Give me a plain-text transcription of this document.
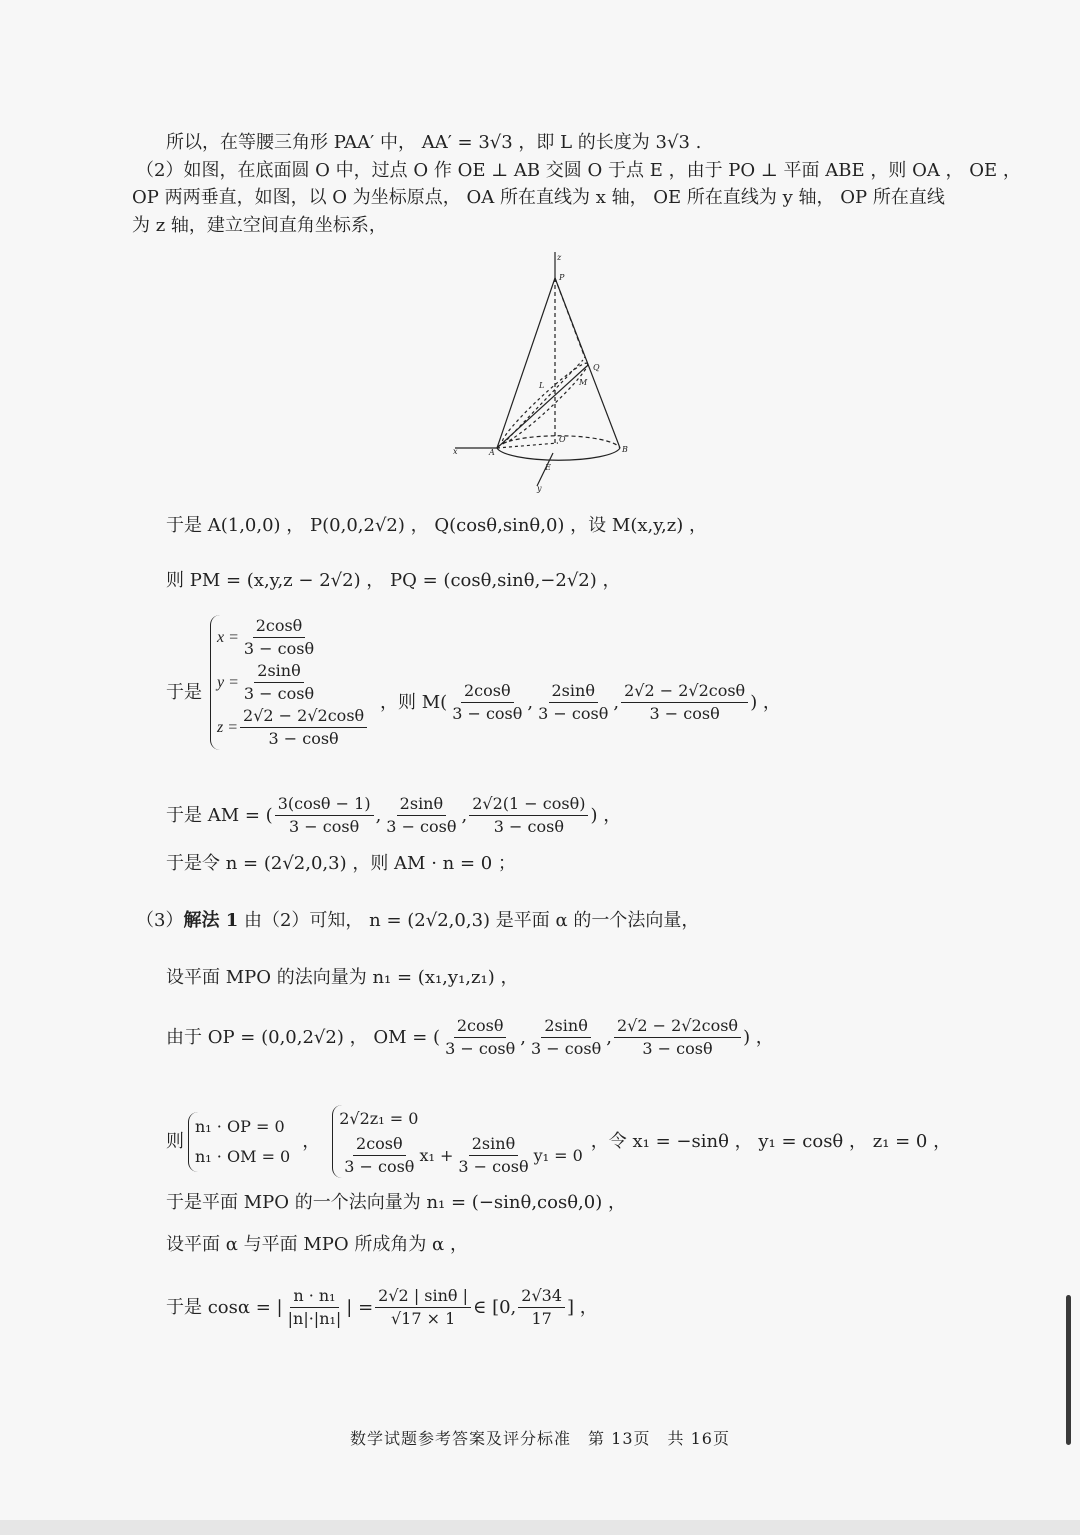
所以，在等腰三角形 PAA′ 中， AA′ = 3√3 ，即 L 的长度为 3√3 .
（2）如图，在底面圆 O 中，过点 O 作 OE ⊥ AB 交圆 O 于点 E ，由于 PO ⊥ 平面 ABE ，则 OA ， OE ，
OP 两两垂直，如图，以 O 为坐标原点， OA 所在直线为 x 轴， OE 所在直线为 y 轴， OP 所在直线
为 z 轴，建立空间直角坐标系，
z
P
M
L
Q
O
x	A	B
E
y
于是 A(1,0,0) ， P(0,0,2√2) ， Q(cosθ,sinθ,0) ，设 M(x,y,z) ，
则 PM = (x,y,z − 2√2) ， PQ = (cosθ,sinθ,−2√2) ，
于是
$x = \frac{2\cos\theta}{3 - \cos\theta}$
$y = \frac{2\sin\theta}{3 - \cos\theta}$
$z = \frac{2√2 - 2√2\cos\theta}{3 - \cos\theta}$
，则 $M( \frac{2\cos\theta}{3 - \cos\theta}$ , $\frac{2\sin\theta}{3 - \cos\theta}$ , $\frac{2√2 - 2√2\cos\theta}{3 - \cos\theta}$ ) ，
于是 AM = ( $\frac{3(\cos\theta - 1)}{3 - \cos\theta}$ , $\frac{2\sin\theta}{3 - \cos\theta}$ , $\frac{2√2(1 - \cos\theta)}{3 - \cos\theta}$ ) ，
于是令 n = (2√2,0,3) ，则 AM · n = 0 ；
（3）解法 1 由（2）可知， n = (2√2,0,3) 是平面 α 的一个法向量，
设平面 MPO 的法向量为 n₁ = (x₁,y₁,z₁) ，
由于 OP = (0,0,2√2) ， OM = ( $\frac{2\cos\theta}{3 - \cos\theta}$ , $\frac{2\sin\theta}{3 - \cos\theta}$ , $\frac{2√2 - 2√2\cos\theta}{3 - \cos\theta}$ ) ，
则
n₁ · OP = 0
n₁ · OM = 0
，
2√2z₁ = 0
$\frac{2\cos\theta}{3 - \cos\theta} x_1 + \frac{2\sin\theta}{3 - \cos\theta} y_1 = 0$
，令 x₁ = −sinθ ， y₁ = cosθ ， z₁ = 0 ，
于是平面 MPO 的一个法向量为 n₁ = (−sinθ,cosθ,0) ，
设平面 α 与平面 MPO 所成角为 α ，
于是 cosα = | $\frac{\text{n · n₁}}{\text{|n|·|n₁|}}$ | = $\frac{2√2 | \sin\theta |}{√17 \times 1}$ ∈ [0, $\frac{2√34}{17}$ ] ，
数学试题参考答案及评分标准　第 13页　共 16页
